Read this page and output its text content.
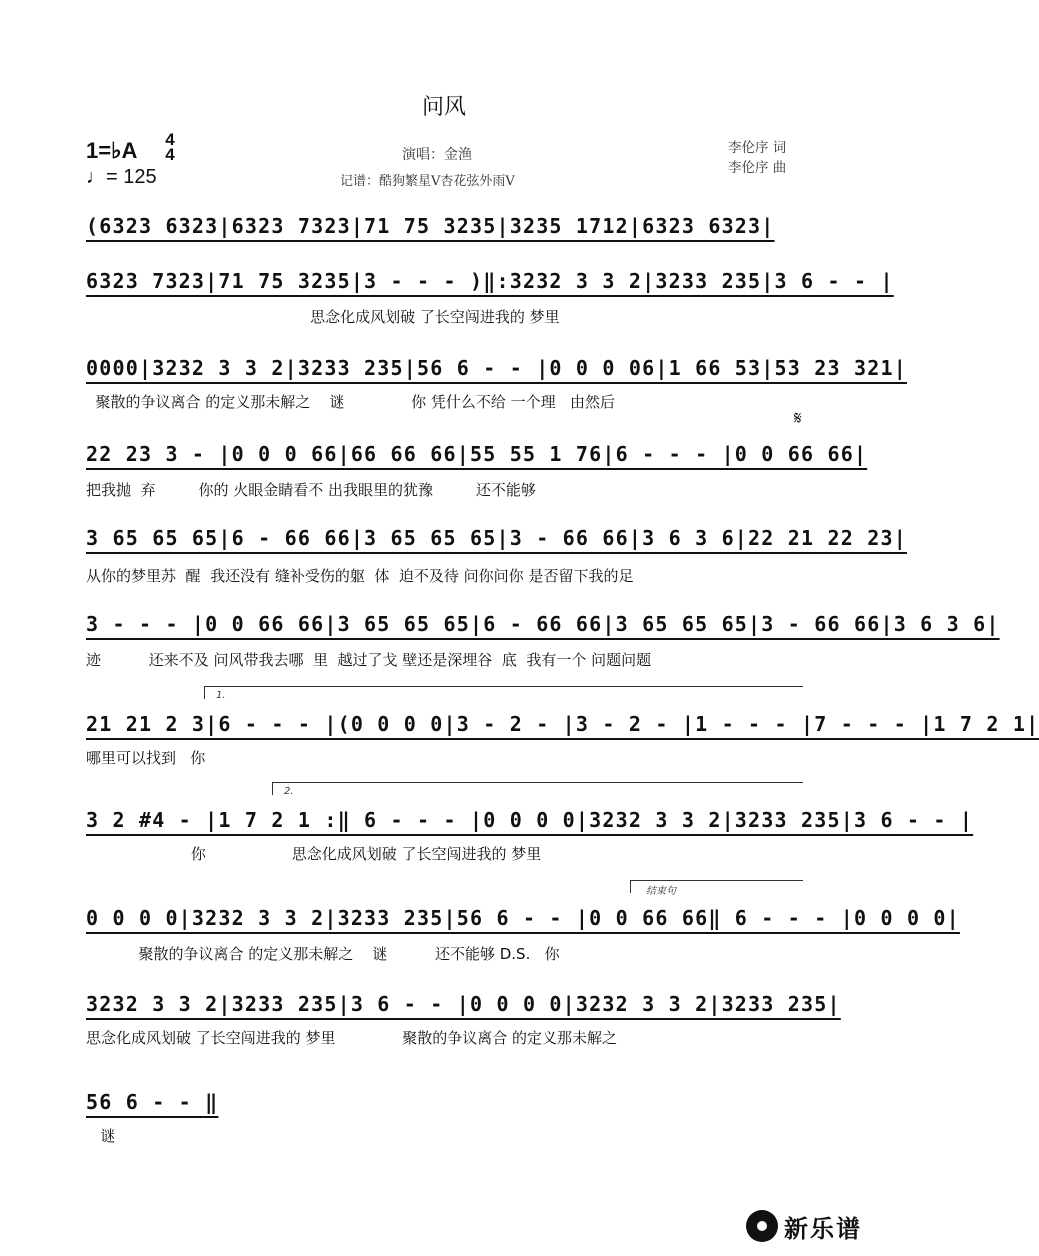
问风
1=♭A	4
4
♩= 125
演唱：金渔
记谱：酷狗繁星V杏花弦外雨V
李伦序 词
李伦序 曲
(6323 6323|6323 7323|71 75 3235|3235 1712|6323 6323|
6323 7323|71 75 3235|3 - - - )‖:3232 3 3 2|3233 235|3 6 - - |
思念化成风划破 了长空闯进我的 梦里
0000|3232 3 3 2|3233 235|56 6 - - |0 0 0 06|1 66 53|53 23 321|
聚散的争议离合 的定义那未解之    谜              你 凭什么不给 一个理   由然后
𝄋
22 23 3 - |0 0 0 66|66 66 66|55 55 1 76|6 - - - |0 0 66 66|
把我抛  弃         你的 火眼金睛看不 出我眼里的犹豫         还不能够
3 65 65 65|6 - 66 66|3 65 65 65|3 - 66 66|3 6 3 6|22 21 22 23|
从你的梦里苏  醒  我还没有 缝补受伤的躯  体  迫不及待 问你问你 是否留下我的足
3 - - - |0 0 66 66|3 65 65 65|6 - 66 66|3 65 65 65|3 - 66 66|3 6 3 6|
迹          还来不及 问风带我去哪  里  越过了戈 壁还是深埋谷  底  我有一个 问题问题
1.
21 21 2 3|6 - - - |(0 0 0 0|3 - 2 - |3 - 2 - |1 - - - |7 - - - |1 7 2 1|
哪里可以找到   你
2.
3 2 #4 - |1 7 2 1 :‖ 6 - - - |0 0 0 0|3232 3 3 2|3233 235|3 6 - - |
你                  思念化成风划破 了长空闯进我的 梦里
结束句
0 0 0 0|3232 3 3 2|3233 235|56 6 - - |0 0 66 66‖ 6 - - - |0 0 0 0|
聚散的争议离合 的定义那未解之    谜          还不能够 D.S.   你
3232 3 3 2|3233 235|3 6 - - |0 0 0 0|3232 3 3 2|3233 235|
思念化成风划破 了长空闯进我的 梦里              聚散的争议离合 的定义那未解之
56 6 - - ‖
谜
新乐谱
